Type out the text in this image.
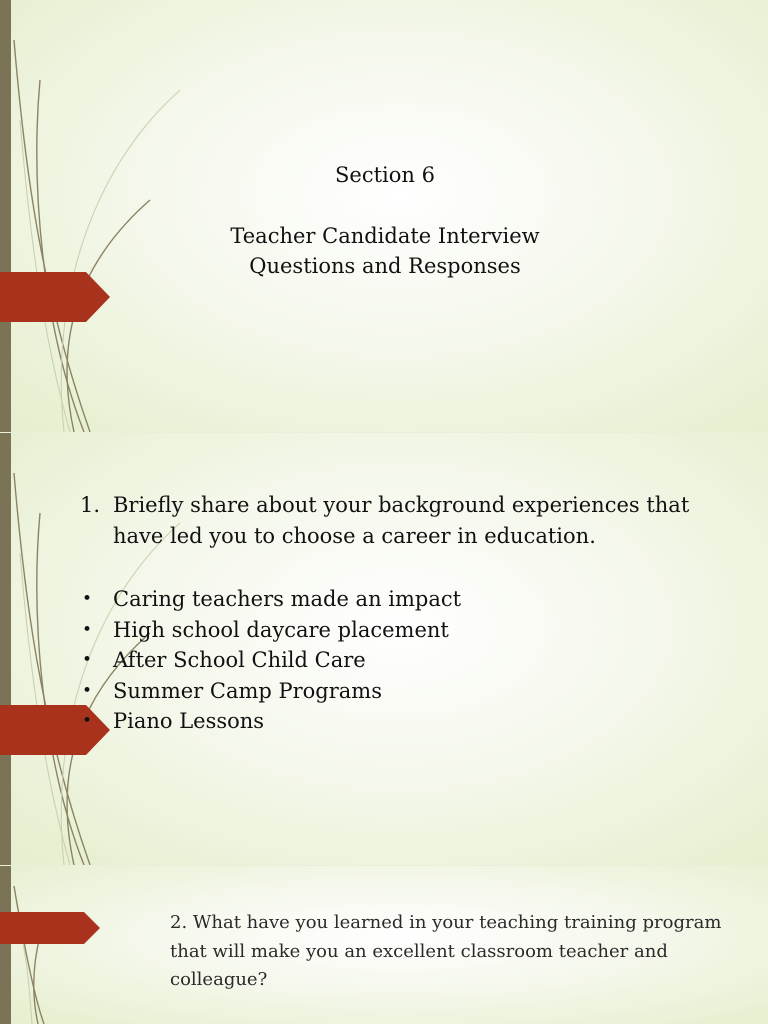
Section 6
Teacher Candidate Interview
Questions and Responses
1. Briefly share about your background experiences that have led you to choose a career in education.
• Caring teachers made an impact
• High school daycare placement
• After School Child Care
• Summer Camp Programs
• Piano Lessons
2. What have you learned in your teaching training program that will make you an excellent classroom teacher and colleague?
